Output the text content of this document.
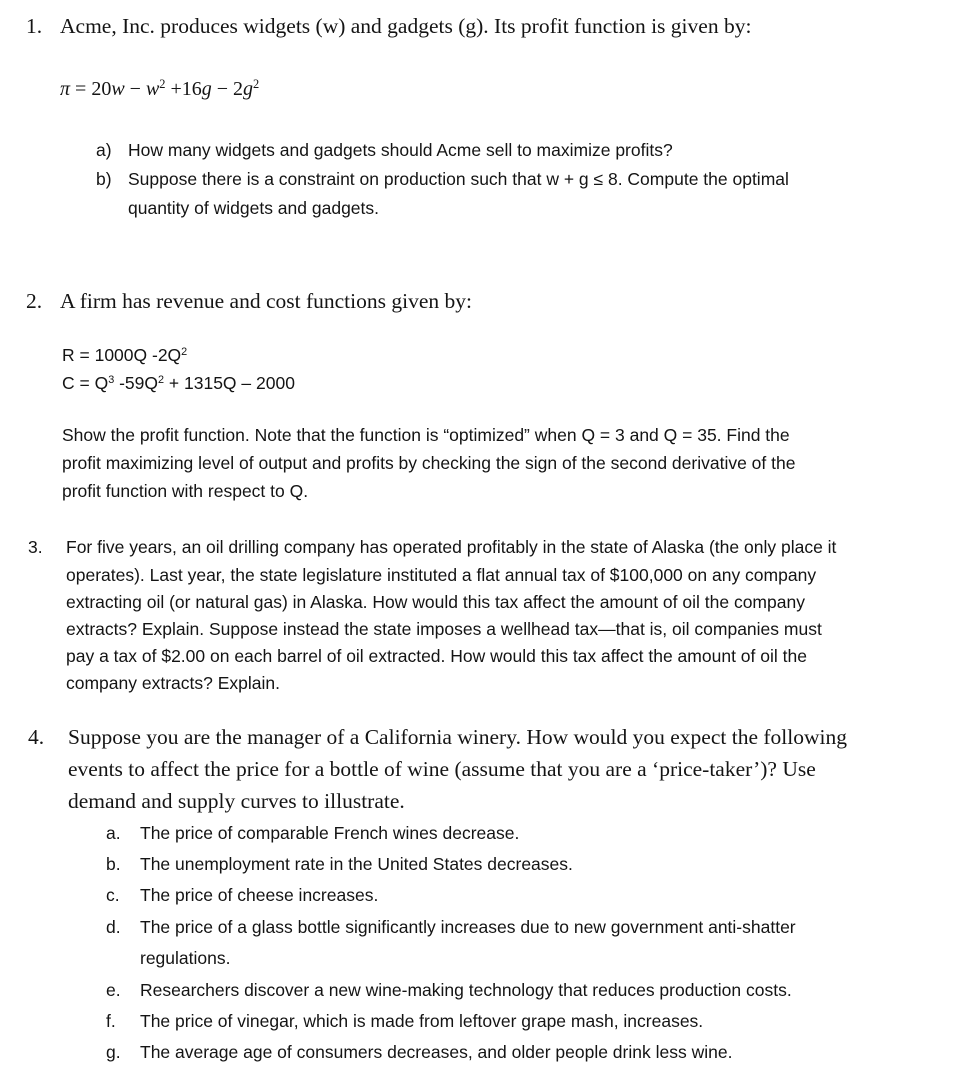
1. Acme, Inc. produces widgets (w) and gadgets (g). Its profit function is given by:
$\pi = 20w - w^2 +16g - 2g^2$
a) How many widgets and gadgets should Acme sell to maximize profits?
b) Suppose there is a constraint on production such that w + g ≤ 8. Compute the optimal
quantity of widgets and gadgets.
2. A firm has revenue and cost functions given by:
R = 1000Q $-2Q^2$
$C = Q^3$ $-59Q^2 + 1315Q - 2000$
Show the profit function. Note that the function is “optimized” when Q = 3 and Q = 35. Find the
profit maximizing level of output and profits by checking the sign of the second derivative of the
profit function with respect to Q.
3. For five years, an oil drilling company has operated profitably in the state of Alaska (the only place it
operates). Last year, the state legislature instituted a flat annual tax of $100,000 on any company
extracting oil (or natural gas) in Alaska. How would this tax affect the amount of oil the company
extracts? Explain. Suppose instead the state imposes a wellhead tax—that is, oil companies must
pay a tax of $2.00 on each barrel of oil extracted. How would this tax affect the amount of oil the
company extracts? Explain.
4. Suppose you are the manager of a California winery. How would you expect the following
events to affect the price for a bottle of wine (assume that you are a ‘price-taker’)? Use
demand and supply curves to illustrate.
a. The price of comparable French wines decrease.
b. The unemployment rate in the United States decreases.
c. The price of cheese increases.
d. The price of a glass bottle significantly increases due to new government anti-shatter
regulations.
e. Researchers discover a new wine-making technology that reduces production costs.
f. The price of vinegar, which is made from leftover grape mash, increases.
g. The average age of consumers decreases, and older people drink less wine.
